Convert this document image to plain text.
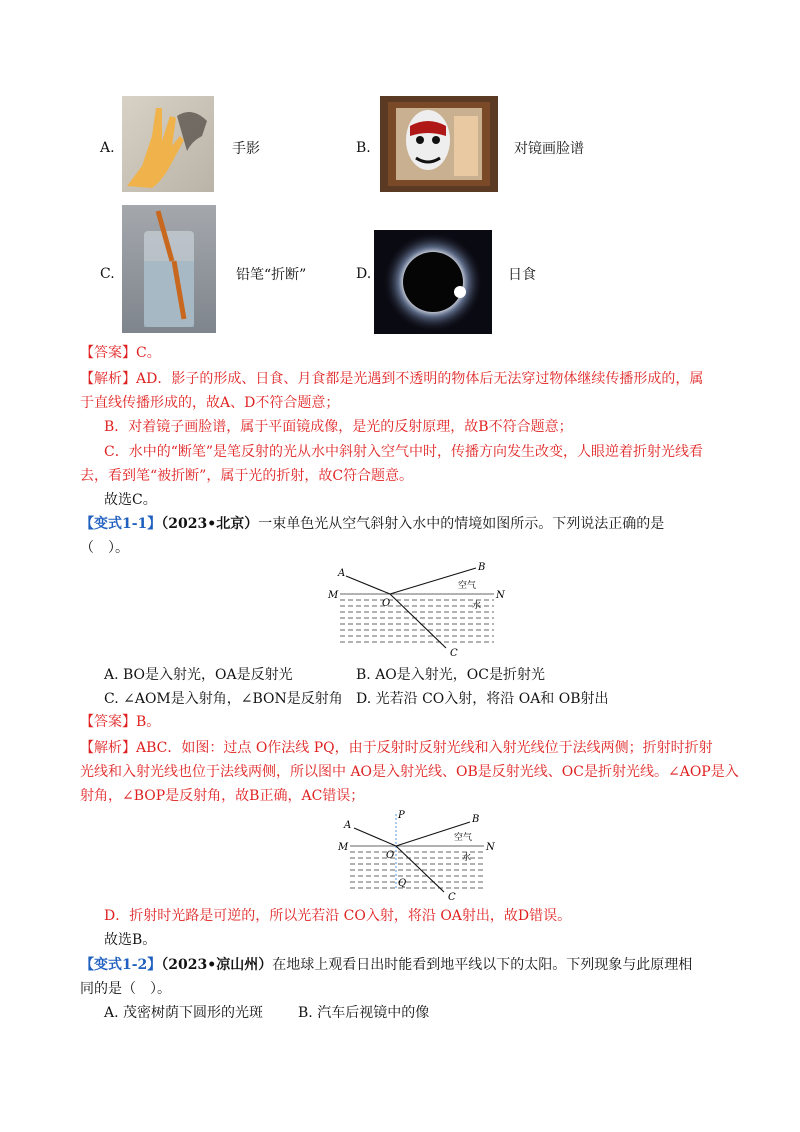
A.	手影	B.	对镜画脸谱
C.	铅笔“折断”	D.	日食
【答案】C。
【解析】AD．影子的形成、日食、月食都是光遇到不透明的物体后无法穿过物体继续传播形成的，属
于直线传播形成的，故A、D不符合题意；
B．对着镜子画脸谱，属于平面镜成像，是光的反射原理，故B不符合题意；
C．水中的“断笔”是笔反射的光从水中斜射入空气中时，传播方向发生改变，人眼逆着折射光线看
去，看到笔“被折断”，属于光的折射，故C符合题意。
故选C。
【变式1-1】（2023•北京）一束单色光从空气斜射入水中的情境如图所示。下列说法正确的是
（　）。
A
B
M	N
O
C
空气
水
A. BO是入射光，OA是反射光	B. AO是入射光，OC是折射光
C. ∠AOM是入射角，∠BON是反射角 D. 光若沿 CO入射，将沿 OA和 OB射出
【答案】B。
【解析】ABC．如图：过点 O作法线 PQ，由于反射时反射光线和入射光线位于法线两侧；折射时折射
光线和入射光线也位于法线两侧，所以图中 AO是入射光线、OB是反射光线、OC是折射光线。∠AOP是入
射角，∠BOP是反射角，故B正确，AC错误；
A
B
M	N
O
P
Q
C
空气
水
D．折射时光路是可逆的，所以光若沿 CO入射，将沿 OA射出，故D错误。
故选B。
【变式1-2】（2023•凉山州）在地球上观看日出时能看到地平线以下的太阳。下列现象与此原理相
同的是（　）。
A. 茂密树荫下圆形的光斑 B. 汽车后视镜中的像
